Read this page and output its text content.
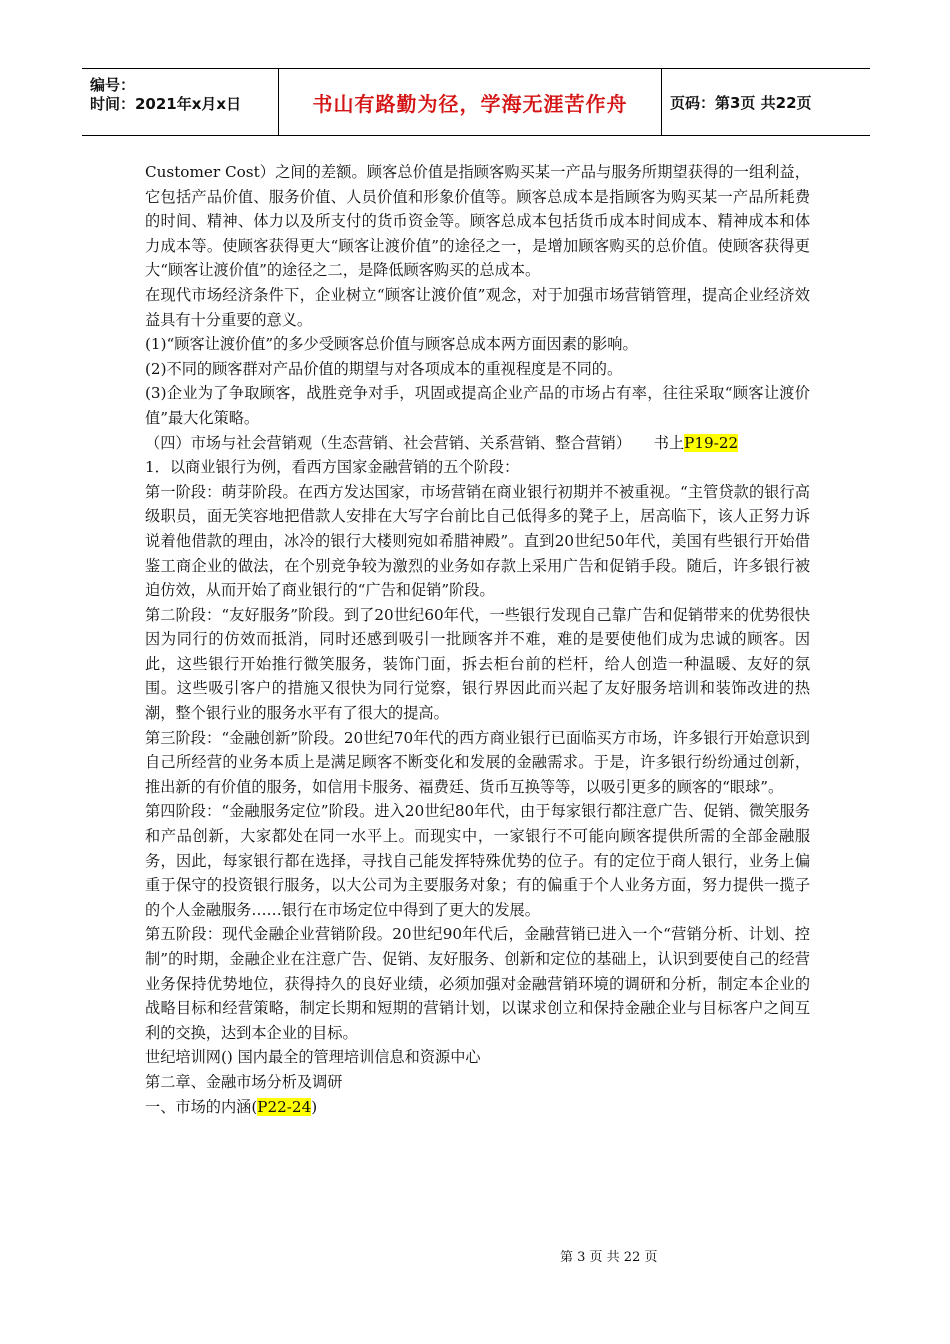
编号：
时间：2021年x月x日	书山有路勤为径，学海无涯苦作舟	页码：第3页 共22页

Customer Cost）之间的差额。顾客总价值是指顾客购买某一产品与服务所期望获得的一组利益，它包括产品价值、服务价值、人员价值和形象价值等。顾客总成本是指顾客为购买某一产品所耗费的时间、精神、体力以及所支付的货币资金等。顾客总成本包括货币成本时间成本、精神成本和体力成本等。使顾客获得更大“顾客让渡价值”的途径之一，是增加顾客购买的总价值。使顾客获得更大“顾客让渡价值”的途径之二，是降低顾客购买的总成本。

在现代市场经济条件下，企业树立“顾客让渡价值”观念，对于加强市场营销管理，提高企业经济效益具有十分重要的意义。

(1)“顾客让渡价值”的多少受顾客总价值与顾客总成本两方面因素的影响。

(2)不同的顾客群对产品价值的期望与对各项成本的重视程度是不同的。

(3)企业为了争取顾客，战胜竞争对手，巩固或提高企业产品的市场占有率，往往采取“顾客让渡价值”最大化策略。

（四）市场与社会营销观（生态营销、社会营销、关系营销、整合营销）　　书上P19-22

1．以商业银行为例，看西方国家金融营销的五个阶段：

第一阶段：萌芽阶段。在西方发达国家，市场营销在商业银行初期并不被重视。“主管贷款的银行高级职员，面无笑容地把借款人安排在大写字台前比自己低得多的凳子上，居高临下，该人正努力诉说着他借款的理由，冰冷的银行大楼则宛如希腊神殿”。直到20世纪50年代，美国有些银行开始借鉴工商企业的做法，在个别竞争较为激烈的业务如存款上采用广告和促销手段。随后，许多银行被迫仿效，从而开始了商业银行的“广告和促销”阶段。

第二阶段：“友好服务”阶段。到了20世纪60年代，一些银行发现自己靠广告和促销带来的优势很快因为同行的仿效而抵消，同时还感到吸引一批顾客并不难，难的是要使他们成为忠诚的顾客。因此，这些银行开始推行微笑服务，装饰门面，拆去柜台前的栏杆，给人创造一种温暖、友好的氛围。这些吸引客户的措施又很快为同行觉察，银行界因此而兴起了友好服务培训和装饰改进的热潮，整个银行业的服务水平有了很大的提高。

第三阶段：“金融创新”阶段。20世纪70年代的西方商业银行已面临买方市场，许多银行开始意识到自己所经营的业务本质上是满足顾客不断变化和发展的金融需求。于是，许多银行纷纷通过创新，推出新的有价值的服务，如信用卡服务、福费廷、货币互换等等，以吸引更多的顾客的“眼球”。

第四阶段：“金融服务定位”阶段。进入20世纪80年代，由于每家银行都注意广告、促销、微笑服务和产品创新，大家都处在同一水平上。而现实中，一家银行不可能向顾客提供所需的全部金融服务，因此，每家银行都在选择，寻找自己能发挥特殊优势的位子。有的定位于商人银行，业务上偏重于保守的投资银行服务，以大公司为主要服务对象；有的偏重于个人业务方面，努力提供一揽子的个人金融服务……银行在市场定位中得到了更大的发展。

第五阶段：现代金融企业营销阶段。20世纪90年代后，金融营销已进入一个“营销分析、计划、控制”的时期，金融企业在注意广告、促销、友好服务、创新和定位的基础上，认识到要使自己的经营业务保持优势地位，获得持久的良好业绩，必须加强对金融营销环境的调研和分析，制定本企业的战略目标和经营策略，制定长期和短期的营销计划，以谋求创立和保持金融企业与目标客户之间互利的交换，达到本企业的目标。

世纪培训网() 国内最全的管理培训信息和资源中心

第二章、金融市场分析及调研

一、市场的内涵(P22-24)

第 3 页 共 22 页
